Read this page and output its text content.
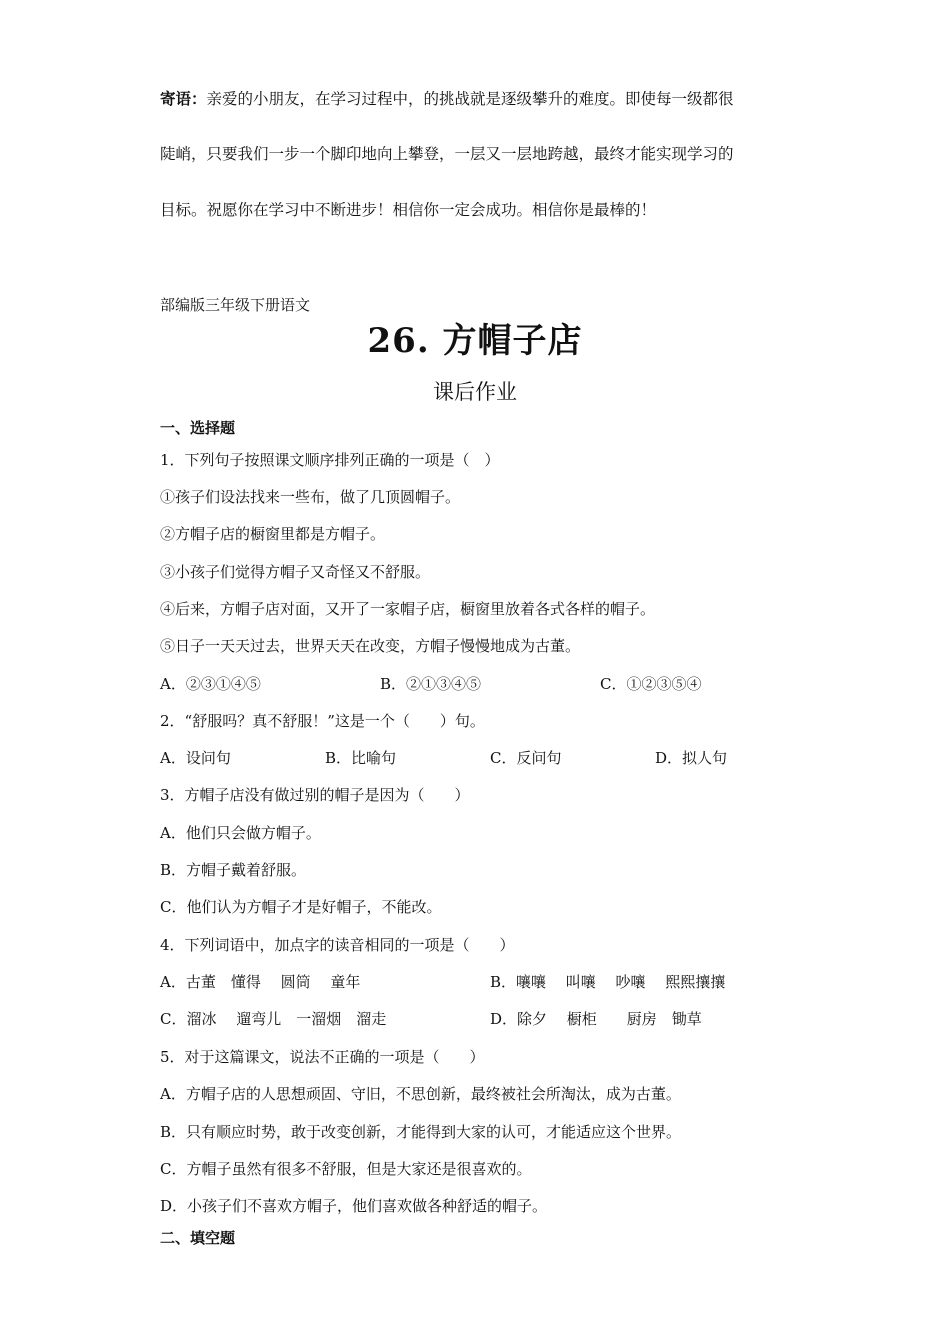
寄语：亲爱的小朋友，在学习过程中，的挑战就是逐级攀升的难度。即使每一级都很
陡峭，只要我们一步一个脚印地向上攀登，一层又一层地跨越，最终才能实现学习的
目标。祝愿你在学习中不断进步！相信你一定会成功。相信你是最棒的！
部编版三年级下册语文
26. 方帽子店
课后作业
一、选择题
1．下列句子按照课文顺序排列正确的一项是（　）
①孩子们设法找来一些布，做了几顶圆帽子。
②方帽子店的橱窗里都是方帽子。
③小孩子们觉得方帽子又奇怪又不舒服。
④后来，方帽子店对面，又开了一家帽子店，橱窗里放着各式各样的帽子。
⑤日子一天天过去，世界天天在改变，方帽子慢慢地成为古董。
A．②③①④⑤	B．②①③④⑤	C．①②③⑤④
2．“舒服吗？真不舒服！”这是一个（　　）句。
A．设问句	B．比喻句	C．反问句	D．拟人句
3．方帽子店没有做过别的帽子是因为（　　）
A．他们只会做方帽子。
B．方帽子戴着舒服。
C．他们认为方帽子才是好帽子，不能改。
4．下列词语中，加点字的读音相同的一项是（　　）
A．古董　懂得　 圆筒　 童年	B．嚷嚷　 叫嚷　 吵嚷　 熙熙攘攘
C．溜冰　 遛弯儿　一溜烟　溜走	D．除夕　 橱柜　　厨房　锄草
5．对于这篇课文，说法不正确的一项是（　　）
A．方帽子店的人思想顽固、守旧，不思创新，最终被社会所淘汰，成为古董。
B．只有顺应时势，敢于改变创新，才能得到大家的认可，才能适应这个世界。
C．方帽子虽然有很多不舒服，但是大家还是很喜欢的。
D．小孩子们不喜欢方帽子，他们喜欢做各种舒适的帽子。
二、填空题
